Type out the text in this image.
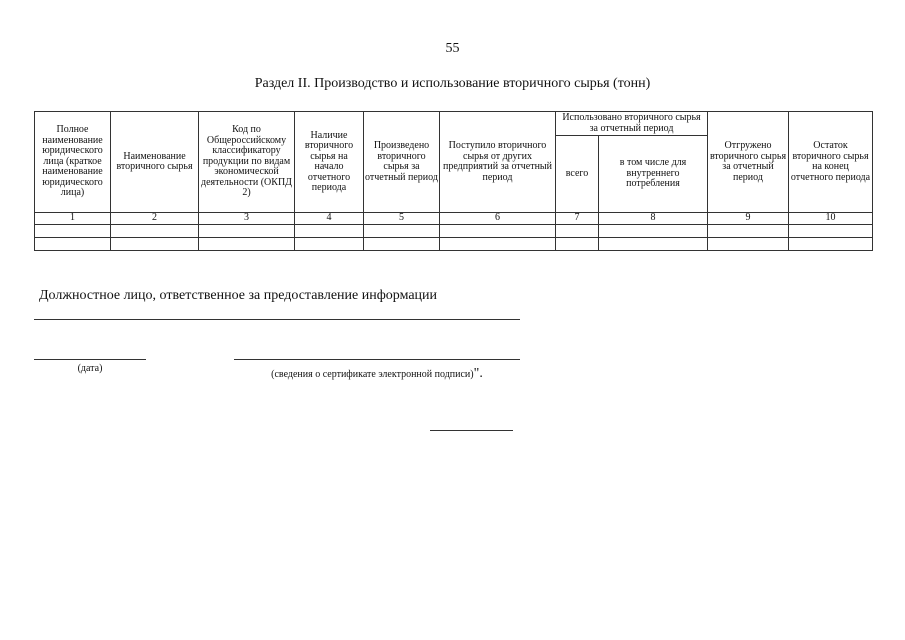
55
Раздел II. Производство и использование вторичного сырья (тонн)
Полное наименование юридического лица (краткое наименование юридического лица)	Наименование вторичного сырья	Код по Общероссийскому классификатору продукции по видам экономической деятельности (ОКПД 2)	Наличие вторичного сырья на начало отчетного периода	Произведено вторичного сырья за отчетный период	Поступило вторичного сырья от других предприятий за отчетный период	Использовано вторичного сырья за отчетный период		Отгружено вторичного сырья за отчетный период	Остаток вторичного сырья на конец отчетного периода
						всего	в том числе для внутреннего потребления		
1	2	3	4	5	6	7	8	9	10

Должностное лицо, ответственное за предоставление информации
(дата)
(сведения о сертификате электронной подписи)".
